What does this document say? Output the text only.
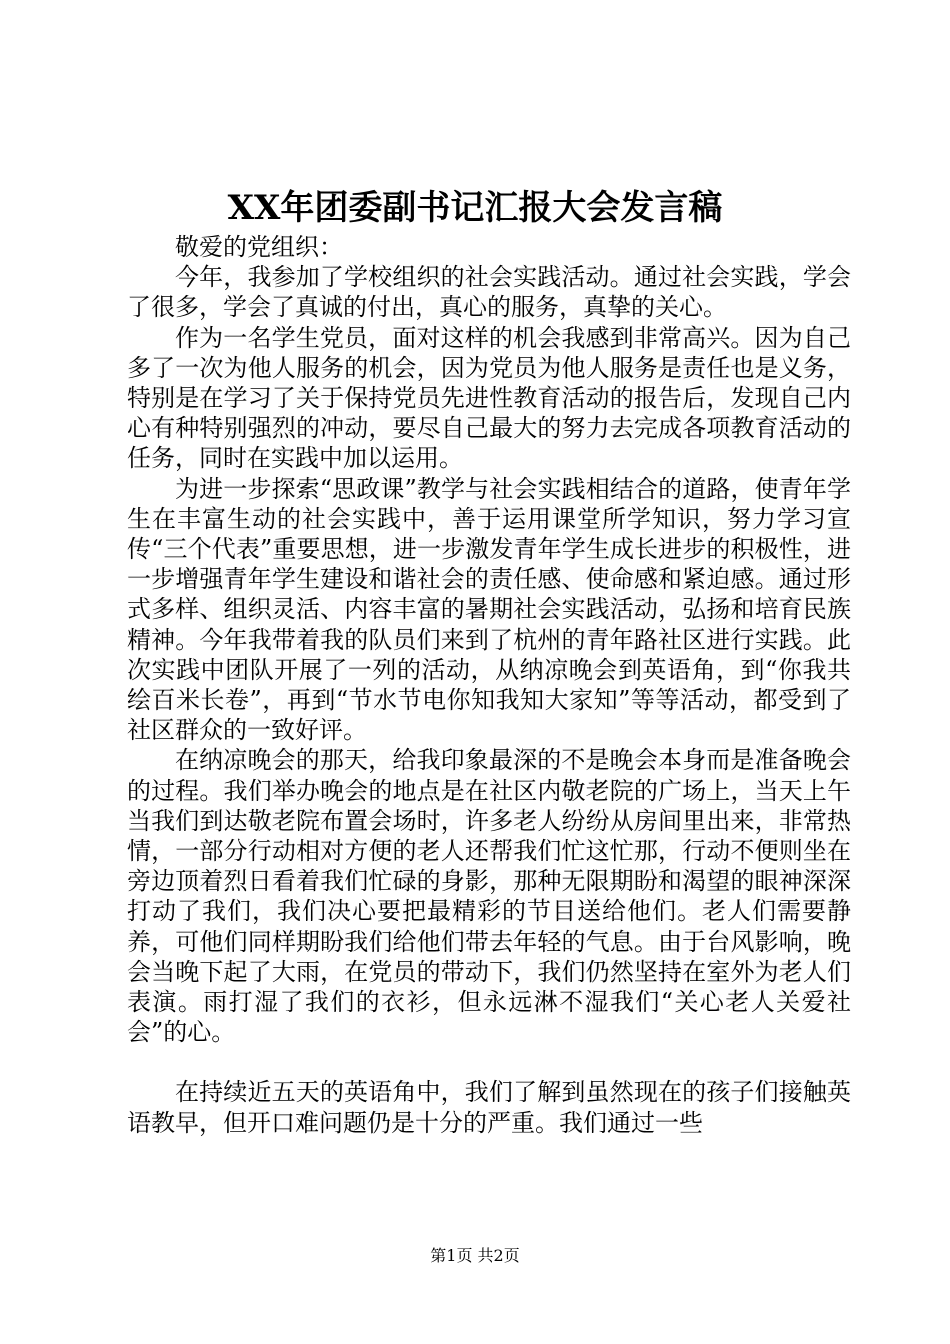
XX年团委副书记汇报大会发言稿

敬爱的党组织：

今年，我参加了学校组织的社会实践活动。通过社会实践，学会了很多，学会了真诚的付出，真心的服务，真挚的关心。

作为一名学生党员，面对这样的机会我感到非常高兴。因为自己多了一次为他人服务的机会，因为党员为他人服务是责任也是义务，特别是在学习了关于保持党员先进性教育活动的报告后，发现自己内心有种特别强烈的冲动，要尽自己最大的努力去完成各项教育活动的任务，同时在实践中加以运用。

为进一步探索“思政课”教学与社会实践相结合的道路，使青年学生在丰富生动的社会实践中，善于运用课堂所学知识，努力学习宣传“三个代表”重要思想，进一步激发青年学生成长进步的积极性，进一步增强青年学生建设和谐社会的责任感、使命感和紧迫感。通过形式多样、组织灵活、内容丰富的暑期社会实践活动，弘扬和培育民族精神。今年我带着我的队员们来到了杭州的青年路社区进行实践。此次实践中团队开展了一列的活动，从纳凉晚会到英语角，到“你我共绘百米长卷”，再到“节水节电你知我知大家知”等等活动，都受到了社区群众的一致好评。

在纳凉晚会的那天，给我印象最深的不是晚会本身而是准备晚会的过程。我们举办晚会的地点是在社区内敬老院的广场上，当天上午当我们到达敬老院布置会场时，许多老人纷纷从房间里出来，非常热情，一部分行动相对方便的老人还帮我们忙这忙那，行动不便则坐在旁边顶着烈日看着我们忙碌的身影，那种无限期盼和渴望的眼神深深打动了我们，我们决心要把最精彩的节目送给他们。老人们需要静养，可他们同样期盼我们给他们带去年轻的气息。由于台风影响，晚会当晚下起了大雨，在党员的带动下，我们仍然坚持在室外为老人们表演。雨打湿了我们的衣衫，但永远淋不湿我们“关心老人关爱社会”的心。

在持续近五天的英语角中，我们了解到虽然现在的孩子们接触英语教早，但开口难问题仍是十分的严重。我们通过一些

第1页 共2页
